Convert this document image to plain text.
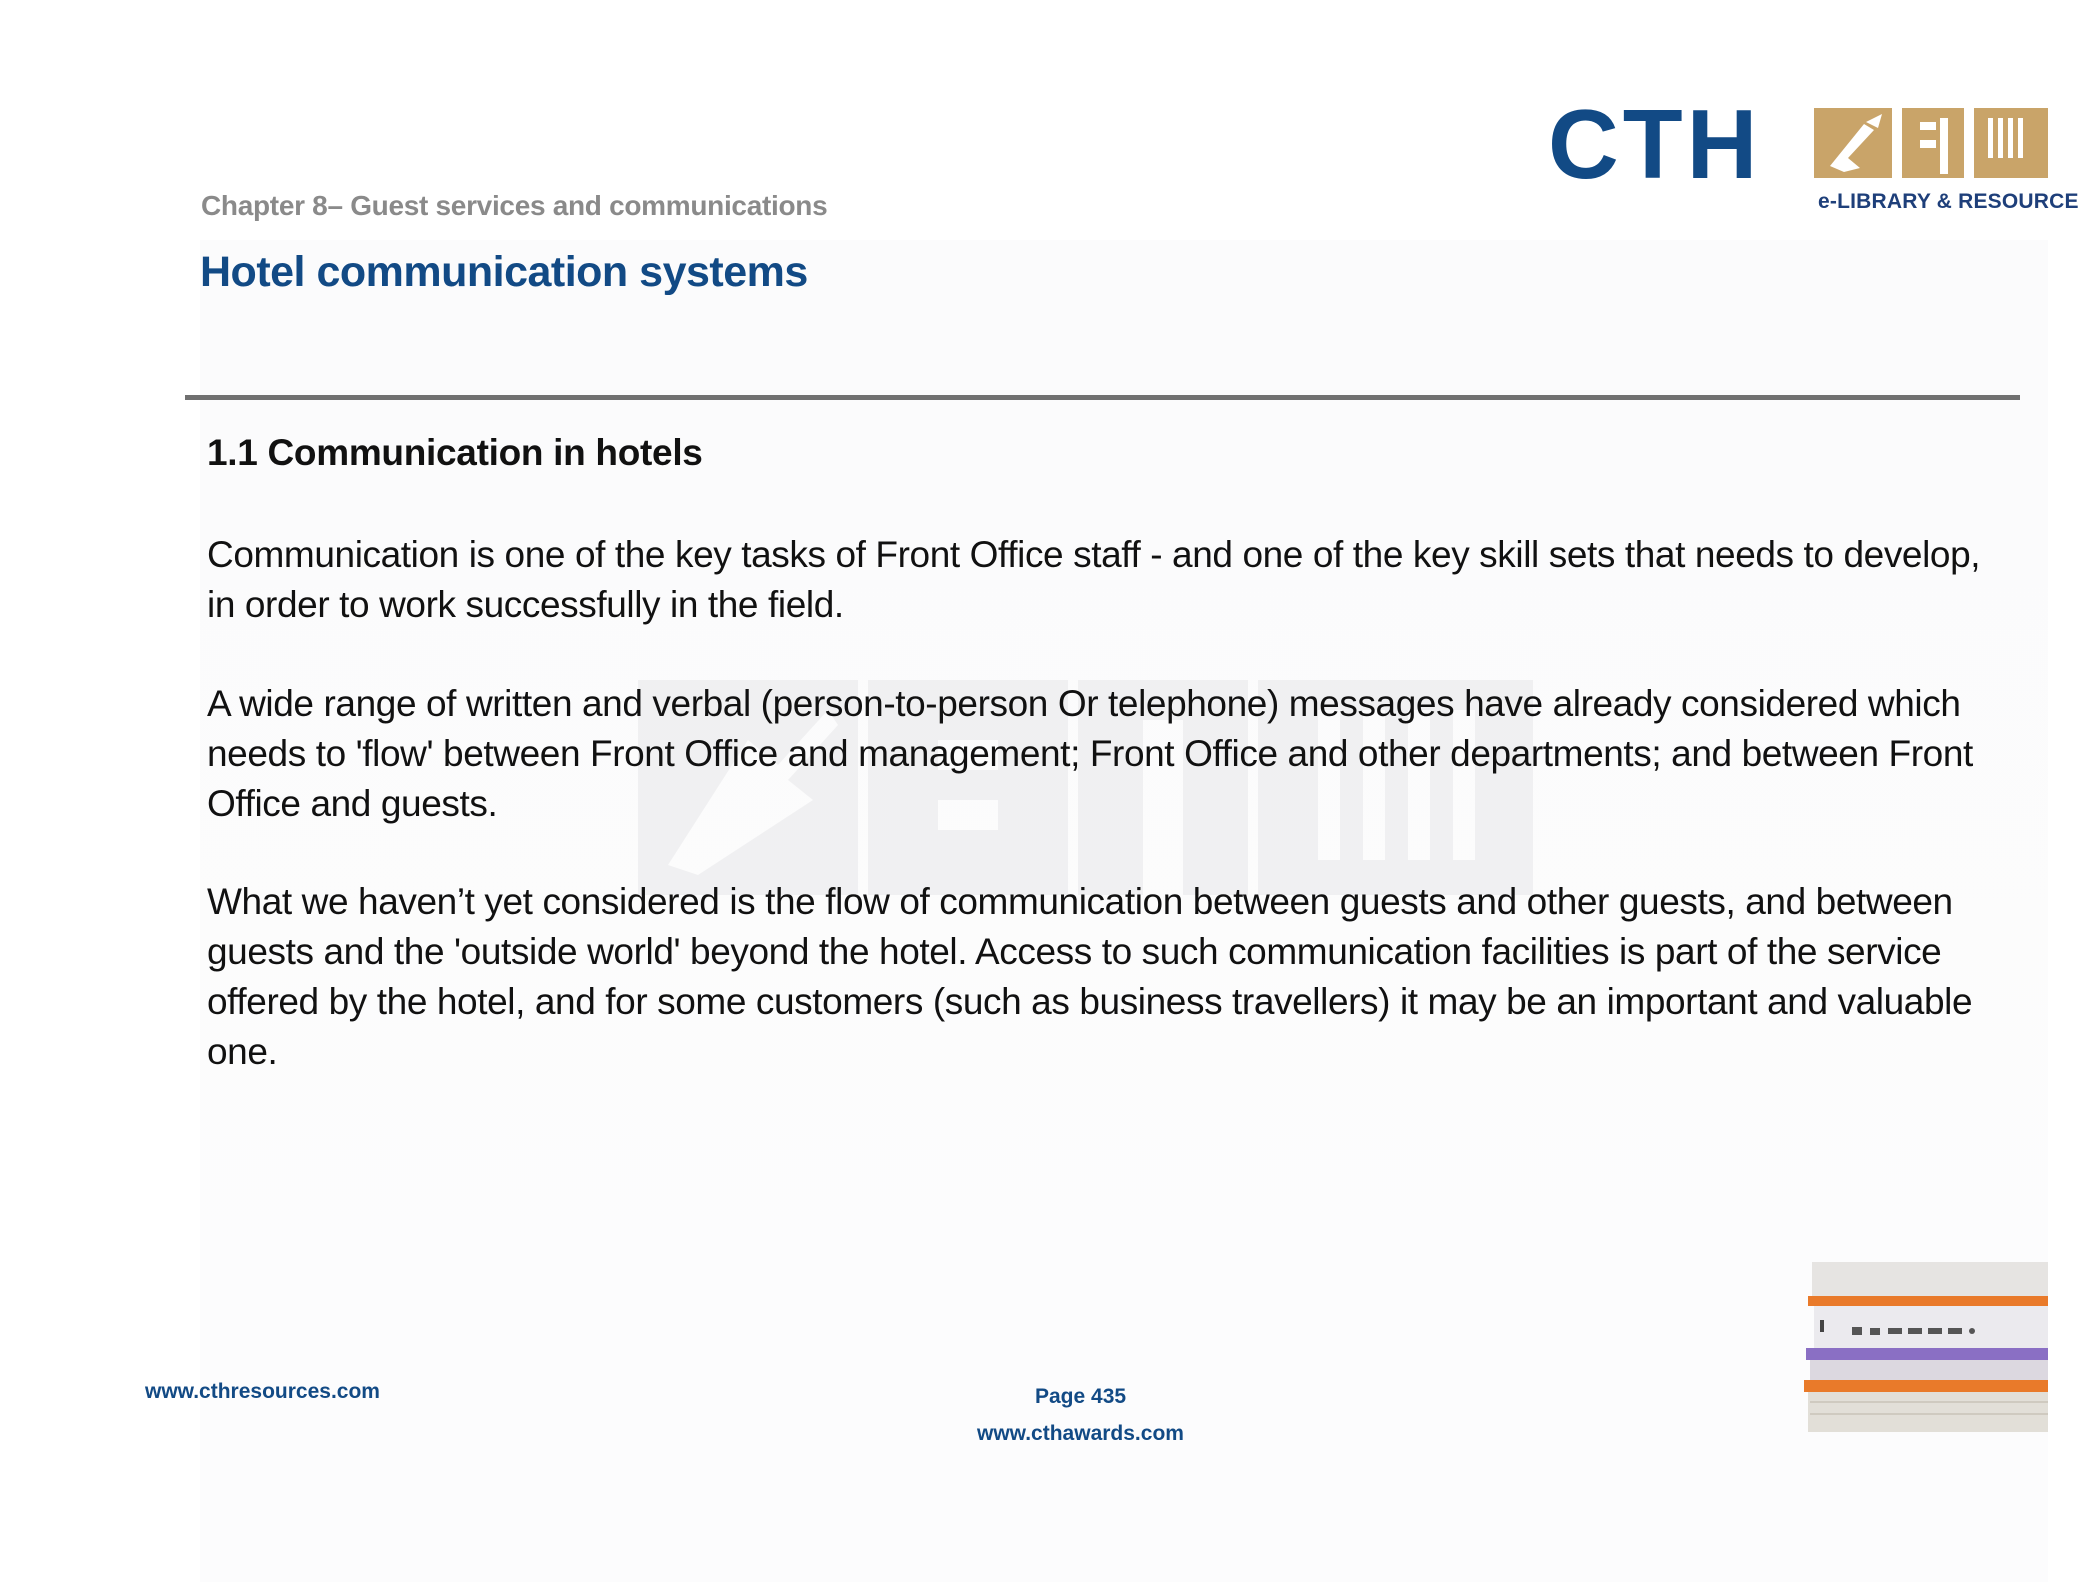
Chapter 8– Guest services and communications
Hotel communication systems
CTH
e-LIBRARY & RESOURCE
1.1 Communication in hotels
Communication is one of the key tasks of Front Office staff - and one of the key skill sets that needs to develop, in order to work successfully in the field.
A wide range of written and verbal (person-to-person Or telephone) messages have already considered which needs to 'flow' between Front Office and management; Front Office and other departments; and between Front Office and guests.
What we haven’t yet considered is the flow of communication between guests and other guests, and between guests and the 'outside world' beyond the hotel. Access to such communication facilities is part of the service offered by the hotel, and for some customers (such as business travellers) it may be an important and valuable one.
www.cthresources.com	Page 435
www.cthawards.com
